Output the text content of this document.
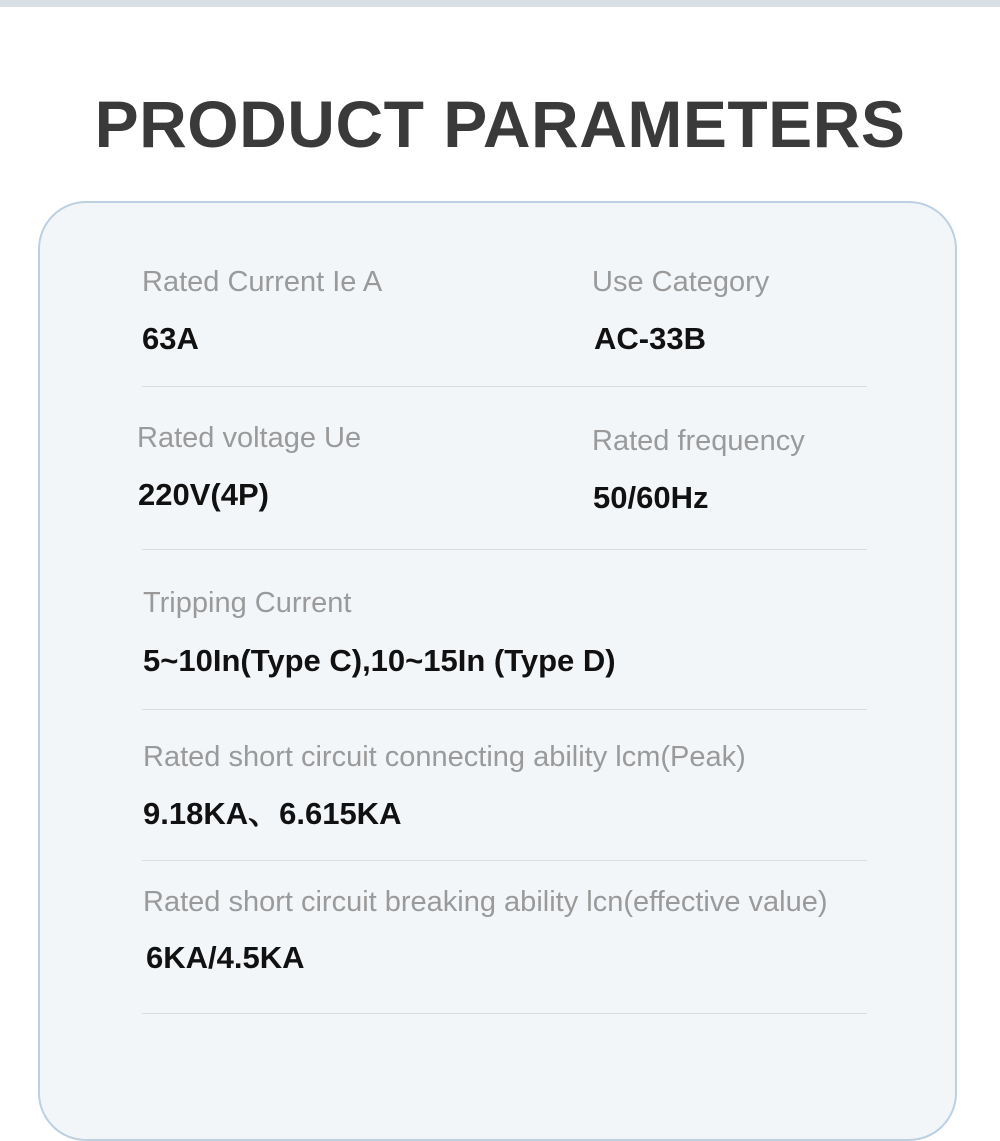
PRODUCT PARAMETERS
Rated Current Ie A
63A
Use Category
AC-33B
Rated voltage Ue
220V(4P)
Rated frequency
50/60Hz
Tripping Current
5~10In(Type C),10~15In (Type D)
Rated short circuit connecting ability lcm(Peak)
9.18KA、6.615KA
Rated short circuit breaking ability lcn(effective value)
6KA/4.5KA
